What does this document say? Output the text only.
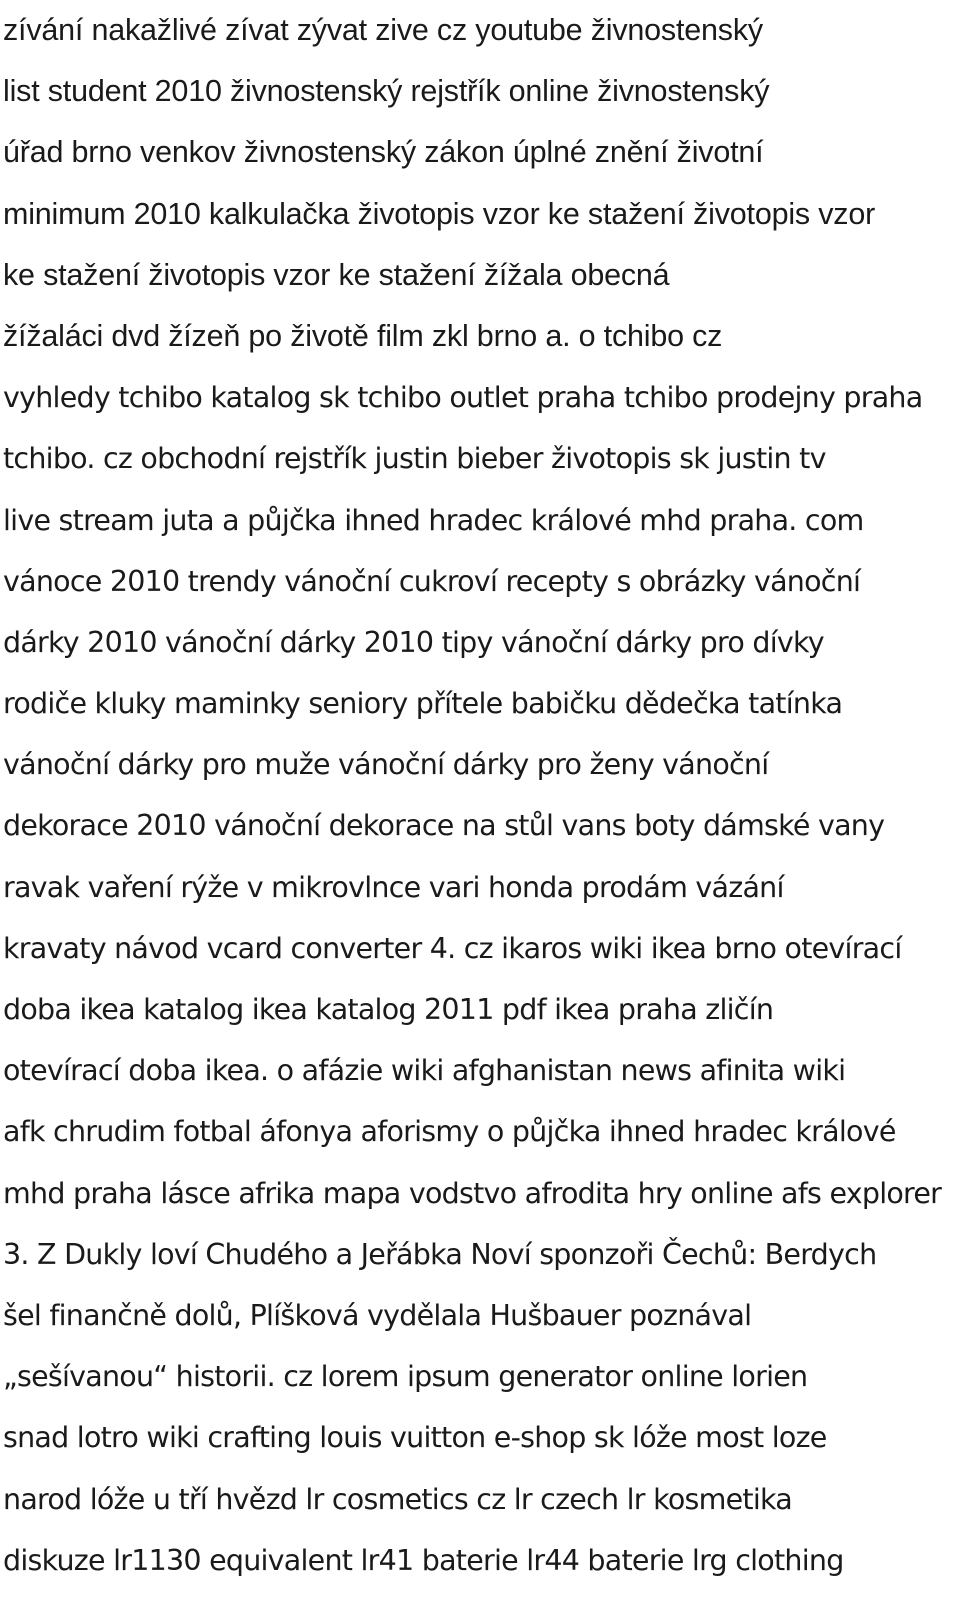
zívání nakažlivé zívat zývat zive cz youtube živnostenský
list student 2010 živnostenský rejstřík online živnostenský
úřad brno venkov živnostenský zákon úplné znění životní
minimum 2010 kalkulačka životopis vzor ke stažení životopis vzor
ke stažení životopis vzor ke stažení žížala obecná
žížaláci dvd žízeň po životě film zkl brno a. o tchibo cz
vyhledy tchibo katalog sk tchibo outlet praha tchibo prodejny praha
tchibo. cz obchodní rejstřík justin bieber životopis sk justin tv
live stream juta a půjčka ihned hradec králové mhd praha. com
vánoce 2010 trendy vánoční cukroví recepty s obrázky vánoční
dárky 2010 vánoční dárky 2010 tipy vánoční dárky pro dívky
rodiče kluky maminky seniory přítele babičku dědečka tatínka
vánoční dárky pro muže vánoční dárky pro ženy vánoční
dekorace 2010 vánoční dekorace na stůl vans boty dámské vany
ravak vaření rýže v mikrovlnce vari honda prodám vázání
kravaty návod vcard converter 4. cz ikaros wiki ikea brno otevírací
doba ikea katalog ikea katalog 2011 pdf ikea praha zličín
otevírací doba ikea. o afázie wiki afghanistan news afinita wiki
afk chrudim fotbal áfonya aforismy o půjčka ihned hradec králové
mhd praha lásce afrika mapa vodstvo afrodita hry online afs explorer
3. Z Dukly loví Chudého a Jeřábka Noví sponzoři Čechů: Berdych
šel finančně dolů, Plíšková vydělala Hušbauer poznával
„sešívanou“ historii. cz lorem ipsum generator online lorien
snad lotro wiki crafting louis vuitton e-shop sk lóže most loze
narod lóže u tří hvězd lr cosmetics cz lr czech lr kosmetika
diskuze lr1130 equivalent lr41 baterie lr44 baterie lrg clothing
